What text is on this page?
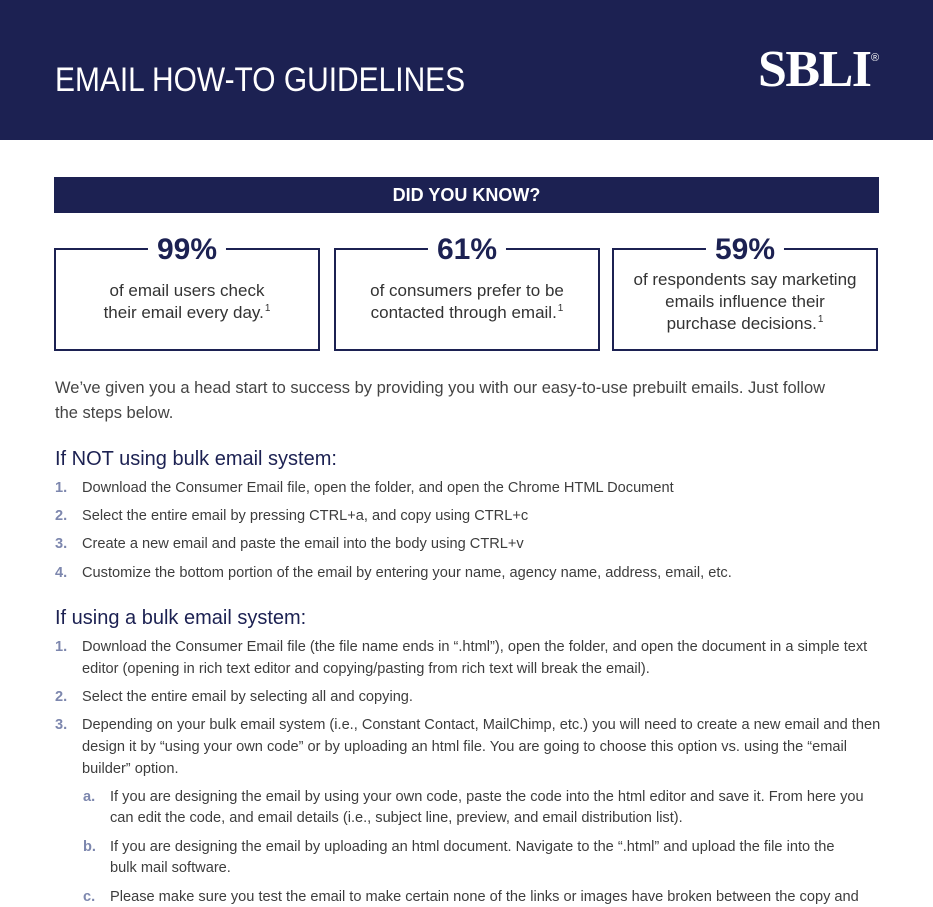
EMAIL HOW-TO GUIDELINES	SBLI ®
DID YOU KNOW?
99%
of email users check
their email every day.$^1$
61%
of consumers prefer to be
contacted through email.$^1$
59%
of respondents say marketing
emails influence their
purchase decisions.$^1$
We’ve given you a head start to success by providing you with our easy-to-use prebuilt emails. Just follow
the steps below.
If NOT using bulk email system:
1.	Download the Consumer Email file, open the folder, and open the Chrome HTML Document
2.	Select the entire email by pressing CTRL+a, and copy using CTRL+c
3.	Create a new email and paste the email into the body using CTRL+v
4.	Customize the bottom portion of the email by entering your name, agency name, address, email, etc.
If using a bulk email system:
1.	Download the Consumer Email file (the file name ends in “.html”), open the folder, and open the document in a simple text
editor (opening in rich text editor and copying/pasting from rich text will break the email).
2.	Select the entire email by selecting all and copying.
3.	Depending on your bulk email system (i.e., Constant Contact, MailChimp, etc.) you will need to create a new email and then
design it by “using your own code” or by uploading an html file. You are going to choose this option vs. using the “email
builder” option.
a.	If you are designing the email by using your own code, paste the code into the html editor and save it. From here you
can edit the code, and email details (i.e., subject line, preview, and email distribution list).
b. If you are designing the email by uploading an html document. Navigate to the “.html” and upload the file into the
bulk mail software.
c.	Please make sure you test the email to make certain none of the links or images have broken between the copy and
